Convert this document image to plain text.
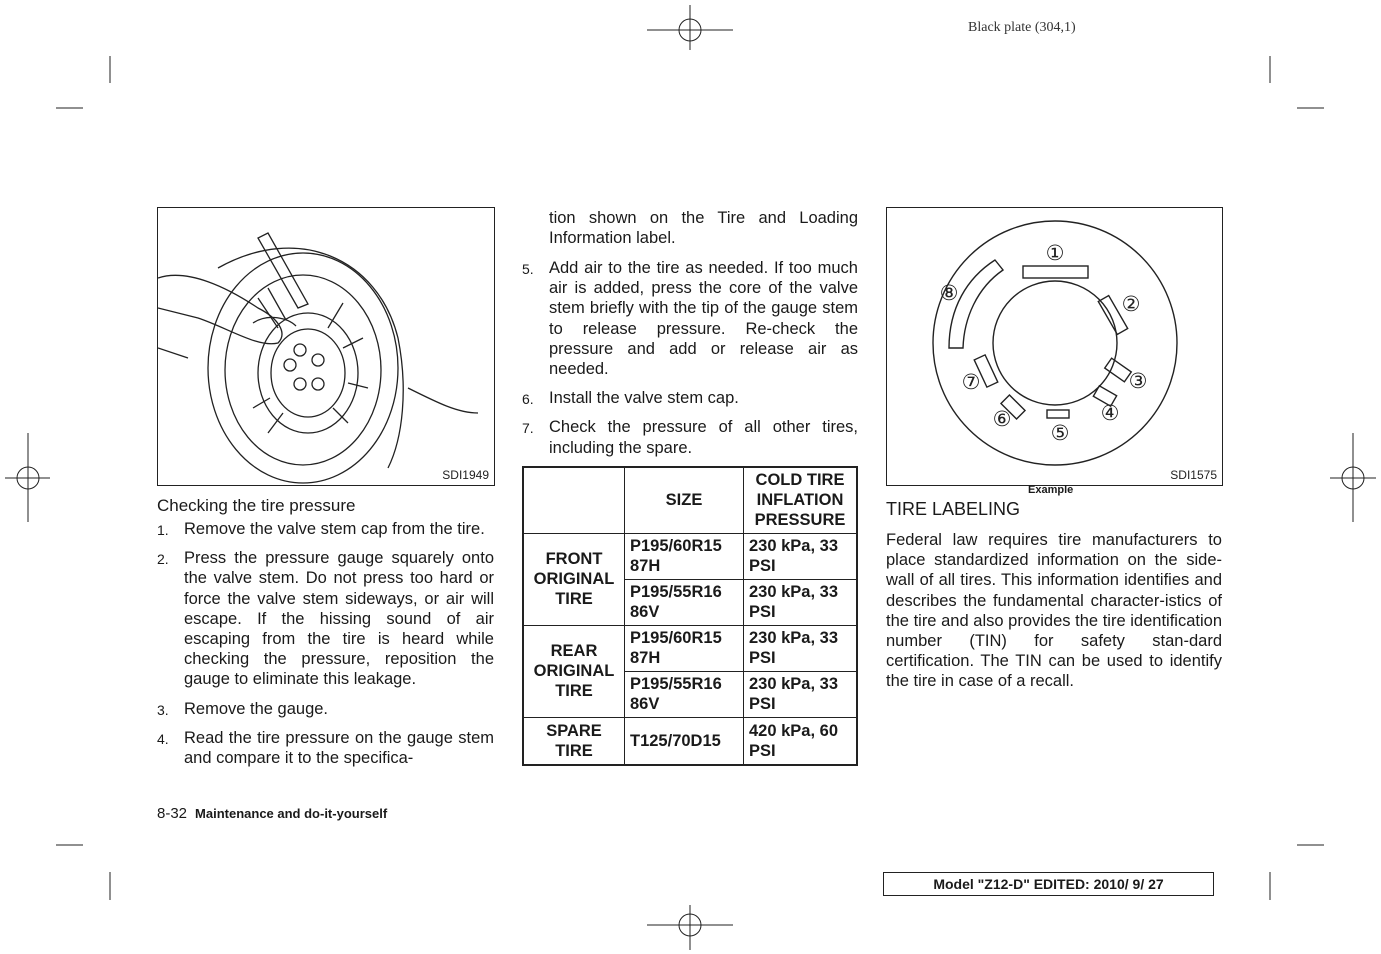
Black plate (304,1)
SDI1949
Checking the tire pressure
1. Remove the valve stem cap from the tire.
2. Press the pressure gauge squarely onto the valve stem. Do not press too hard or force the valve stem sideways, or air will escape. If the hissing sound of air escaping from the tire is heard while checking the pressure, reposition the gauge to eliminate this leakage.
3. Remove the gauge.
4. Read the tire pressure on the gauge stem and compare it to the specifica-
tion shown on the Tire and Loading Information label.
5. Add air to the tire as needed. If too much air is added, press the core of the valve stem briefly with the tip of the gauge stem to release pressure. Re-check the pressure and add or release air as needed.
6. Install the valve stem cap.
7. Check the pressure of all other tires, including the spare.
	SIZE	COLD TIRE INFLATION PRESSURE
FRONT ORIGINAL TIRE	P195/60R15 87H	230 kPa, 33 PSI
	P195/55R16 86V	230 kPa, 33 PSI
REAR ORIGINAL TIRE	P195/60R15 87H	230 kPa, 33 PSI
	P195/55R16 86V	230 kPa, 33 PSI
SPARE TIRE	T125/70D15	420 kPa, 60 PSI
①
②
③
④
⑤
⑥
⑦
⑧
SDI1575
Example
TIRE LABELING
Federal law requires tire manufacturers to place standardized information on the side-wall of all tires. This information identifies and describes the fundamental character-istics of the tire and also provides the tire identification number (TIN) for safety stan-dard certification. The TIN can be used to identify the tire in case of a recall.
8-32 Maintenance and do-it-yourself
Model "Z12-D" EDITED: 2010/ 9/ 27
